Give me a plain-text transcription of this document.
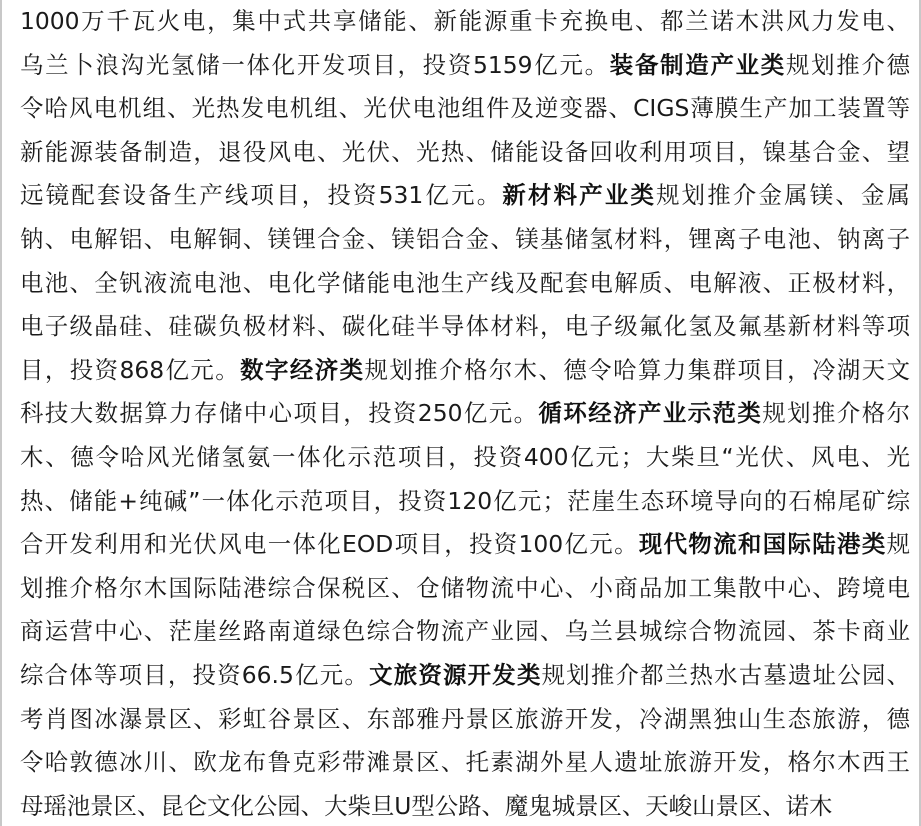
1000万千瓦火电，集中式共享储能、新能源重卡充换电、都兰诺木洪风力发电、
乌兰卜浪沟光氢储一体化开发项目，投资5159亿元。装备制造产业类规划推介德
令哈风电机组、光热发电机组、光伏电池组件及逆变器、CIGS薄膜生产加工装置等
新能源装备制造，退役风电、光伏、光热、储能设备回收利用项目，镍基合金、望
远镜配套设备生产线项目，投资531亿元。新材料产业类规划推介金属镁、金属
钠、电解铝、电解铜、镁锂合金、镁铝合金、镁基储氢材料，锂离子电池、钠离子
电池、全钒液流电池、电化学储能电池生产线及配套电解质、电解液、正极材料，
电子级晶硅、硅碳负极材料、碳化硅半导体材料，电子级氟化氢及氟基新材料等项
目，投资868亿元。数字经济类规划推介格尔木、德令哈算力集群项目，冷湖天文
科技大数据算力存储中心项目，投资250亿元。循环经济产业示范类规划推介格尔
木、德令哈风光储氢氨一体化示范项目，投资400亿元；大柴旦“光伏、风电、光
热、储能+纯碱”一体化示范项目，投资120亿元；茫崖生态环境导向的石棉尾矿综
合开发利用和光伏风电一体化EOD项目，投资100亿元。现代物流和国际陆港类规
划推介格尔木国际陆港综合保税区、仓储物流中心、小商品加工集散中心、跨境电
商运营中心、茫崖丝路南道绿色综合物流产业园、乌兰县城综合物流园、茶卡商业
综合体等项目，投资66.5亿元。文旅资源开发类规划推介都兰热水古墓遗址公园、
考肖图冰瀑景区、彩虹谷景区、东部雅丹景区旅游开发，冷湖黑独山生态旅游，德
令哈敦德冰川、欧龙布鲁克彩带滩景区、托素湖外星人遗址旅游开发，格尔木西王
母瑶池景区、昆仑文化公园、大柴旦U型公路、魔鬼城景区、天峻山景区、诺木
